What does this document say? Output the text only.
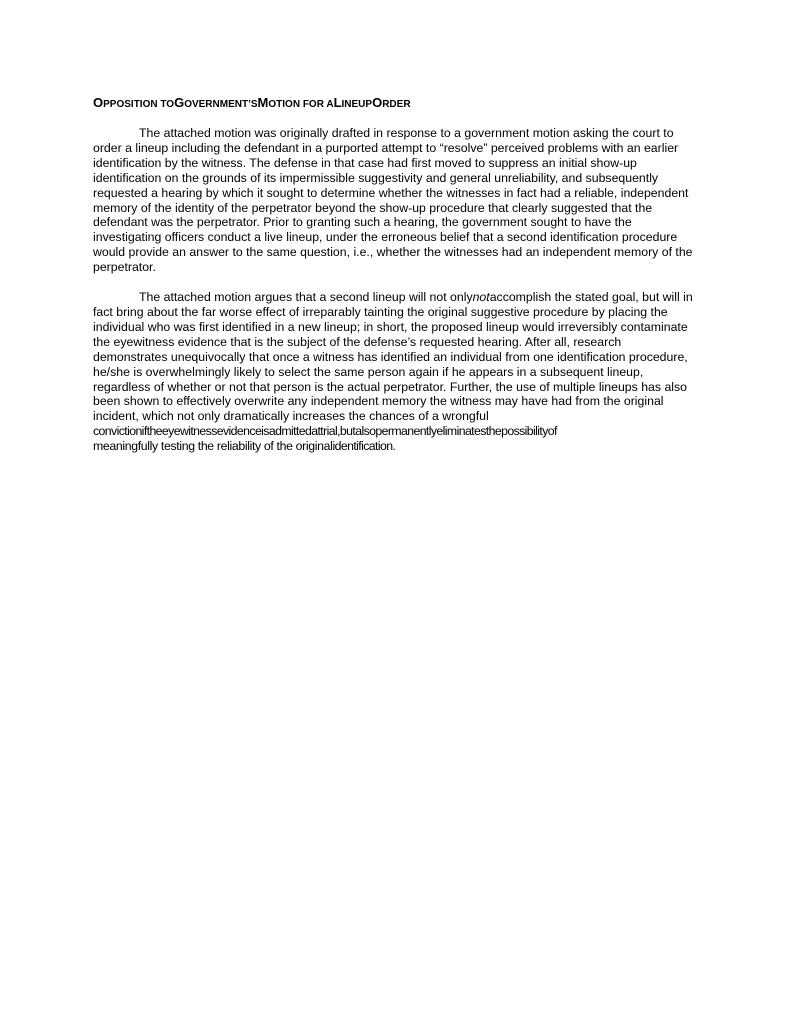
OPPOSITION TOGOVERNMENT’SMOTION FOR ALINEUPORDER

The attached motion was originally drafted in response to a government motion asking the court to order a lineup including the defendant in a purported attempt to “resolve” perceived problems with an earlier identification by the witness. The defense in that case had first moved to suppress an initial show-up identification on the grounds of its impermissible suggestivity and general unreliability, and subsequently requested a hearing by which it sought to determine whether the witnesses in fact had a reliable, independent memory of the identity of the perpetrator beyond the show-up procedure that clearly suggested that the defendant was the perpetrator. Prior to granting such a hearing, the government sought to have the investigating officers conduct a live lineup, under the erroneous belief that a second identification procedure would provide an answer to the same question, i.e., whether the witnesses had an independent memory of the perpetrator.

The attached motion argues that a second lineup will not onlynotaccomplish the stated goal, but will in fact bring about the far worse effect of irreparably tainting the original suggestive procedure by placing the individual who was first identified in a new lineup; in short, the proposed lineup would irreversibly contaminate the eyewitness evidence that is the subject of the defense’s requested hearing. After all, research demonstrates unequivocally that once a witness has identified an individual from one identification procedure, he/she is overwhelmingly likely to select the same person again if he appears in a subsequent lineup, regardless of whether or not that person is the actual perpetrator. Further, the use of multiple lineups has also been shown to effectively overwrite any independent memory the witness may have had from the original incident, which not only dramatically increases the chances of a wrongful convictioniftheeyewitnessevidenceisadmittedattrial,butalsopermanentlyeliminatesthepossibilityof
meaningfully testing the reliability of the originalidentification.
